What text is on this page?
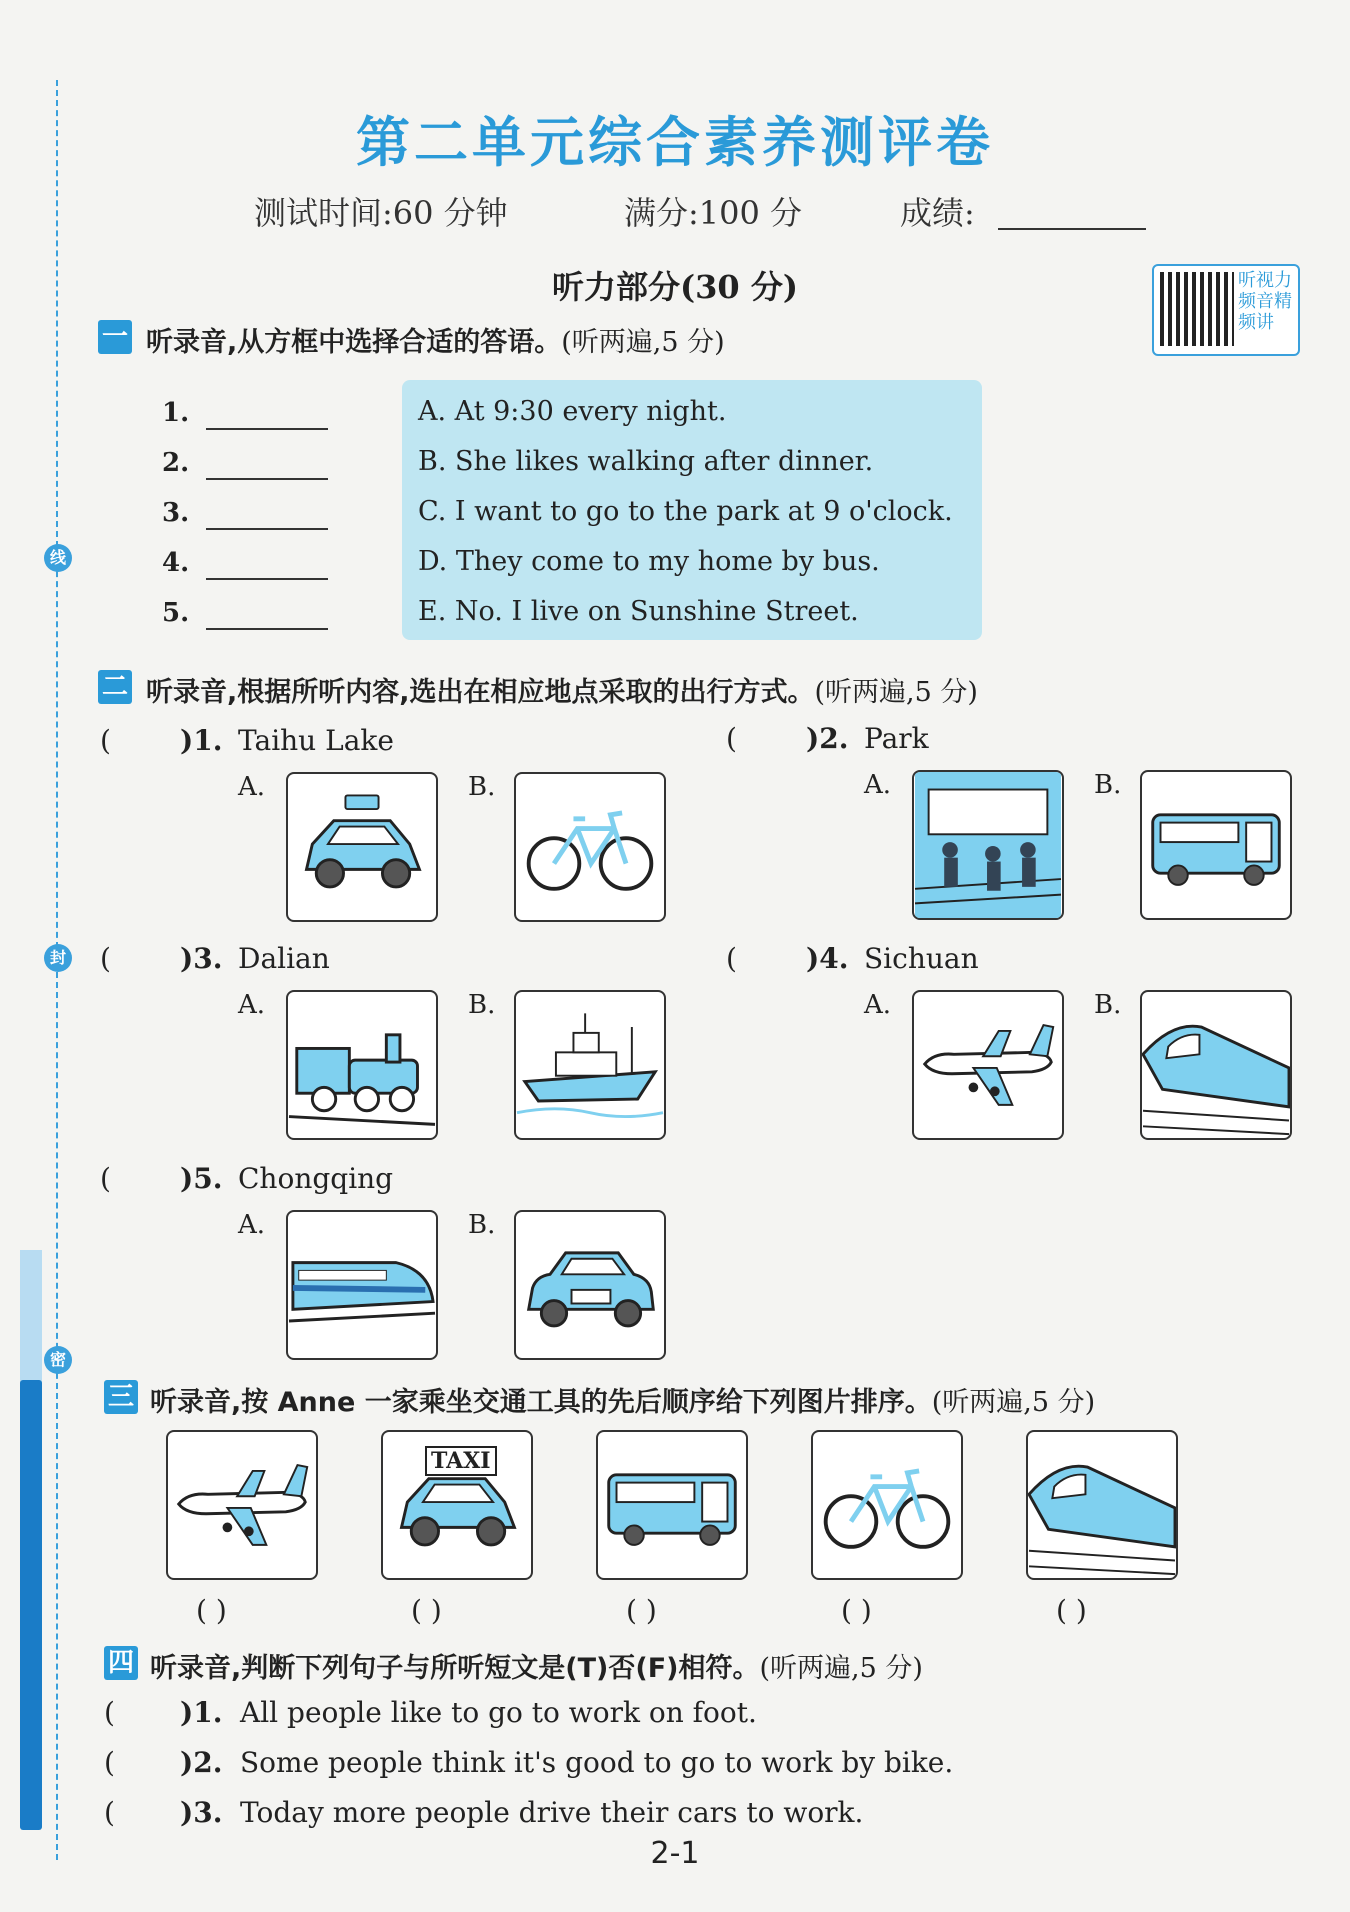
线
封
密
第二单元综合素养测评卷
测试时间:60 分钟	满分:100 分	成绩:
听力部分(30 分)	听视力频音精频讲
一 听录音,从方框中选择合适的答语。(听两遍,5 分)
1.
2.
3.
4.
5.
A. At 9:30 every night.
B. She likes walking after dinner.
C. I want to go to the park at 9 o'clock.
D. They come to my home by bus.
E. No. I live on Sunshine Street.
二 听录音,根据所听内容,选出在相应地点采取的出行方式。(听两遍,5 分)
( )1. Taihu Lake
A.	B.
( )2. Park
A.	B.
( )3. Dalian
A.	B.
( )4. Sichuan
A.	B.
( )5. Chongqing
A.	B.
三 听录音,按 Anne 一家乘坐交通工具的先后顺序给下列图片排序。(听两遍,5 分)
( )
TAXI
( )	( )	( )	( )
四 听录音,判断下列句子与所听短文是(T)否(F)相符。(听两遍,5 分)
( )1. All people like to go to work on foot.
( )2. Some people think it's good to go to work by bike.
( )3. Today more people drive their cars to work.
2-1
